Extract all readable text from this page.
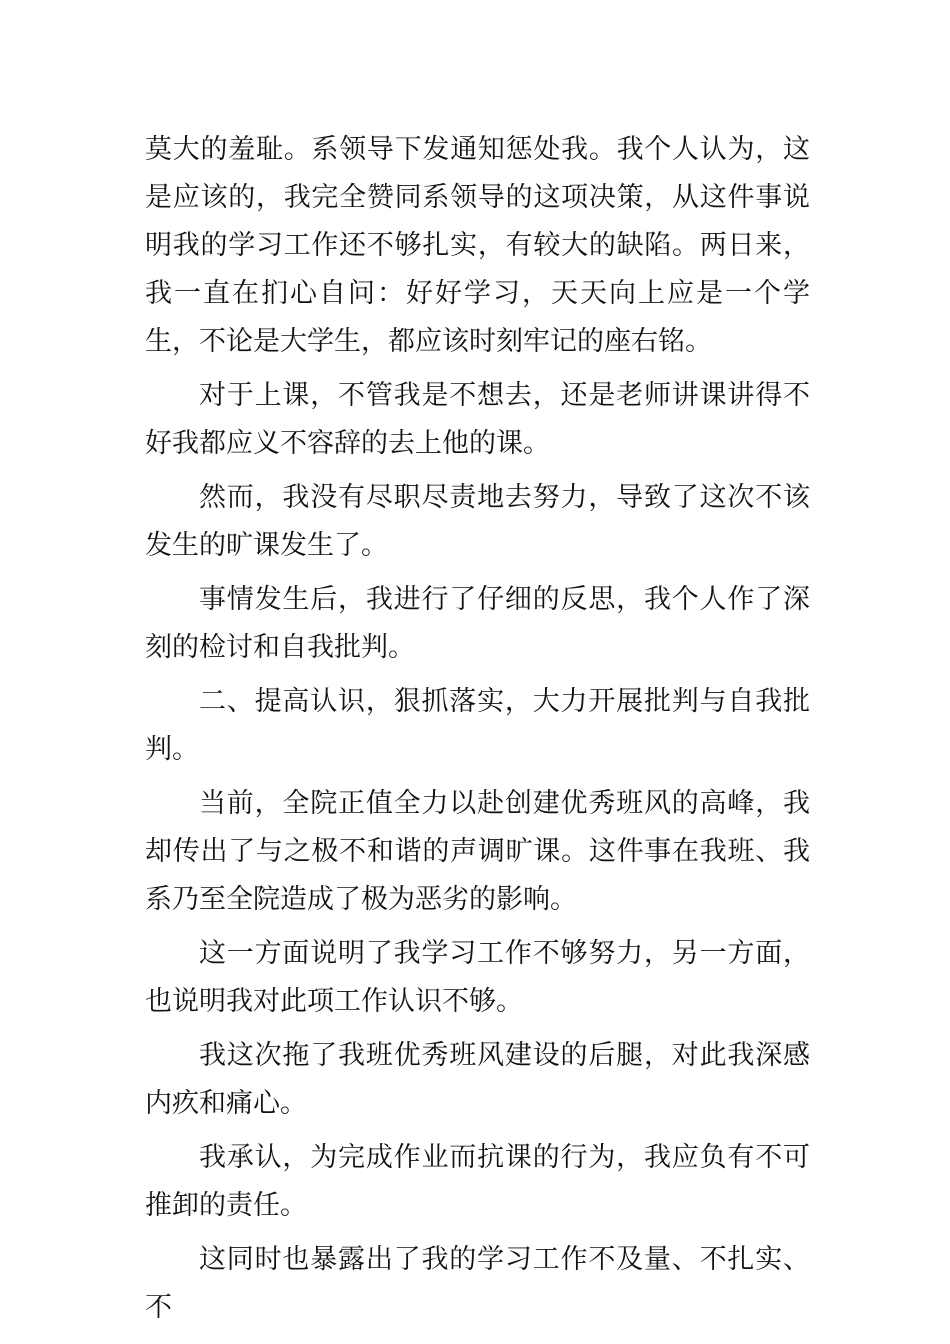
莫大的羞耻。系领导下发通知惩处我。我个人认为，这是应该的，我完全赞同系领导的这项决策，从这件事说明我的学习工作还不够扎实，有较大的缺陷。两日来，我一直在扪心自问：好好学习，天天向上应是一个学生，不论是大学生，都应该时刻牢记的座右铭。

对于上课，不管我是不想去，还是老师讲课讲得不好我都应义不容辞的去上他的课。

然而，我没有尽职尽责地去努力，导致了这次不该发生的旷课发生了。

事情发生后，我进行了仔细的反思，我个人作了深刻的检讨和自我批判。

二、提高认识，狠抓落实，大力开展批判与自我批判。

当前，全院正值全力以赴创建优秀班风的高峰，我却传出了与之极不和谐的声调旷课。这件事在我班、我系乃至全院造成了极为恶劣的影响。

这一方面说明了我学习工作不够努力，另一方面，也说明我对此项工作认识不够。

我这次拖了我班优秀班风建设的后腿，对此我深感内疚和痛心。

我承认，为完成作业而抗课的行为，我应负有不可推卸的责任。

这同时也暴露出了我的学习工作不及量、不扎实、不
